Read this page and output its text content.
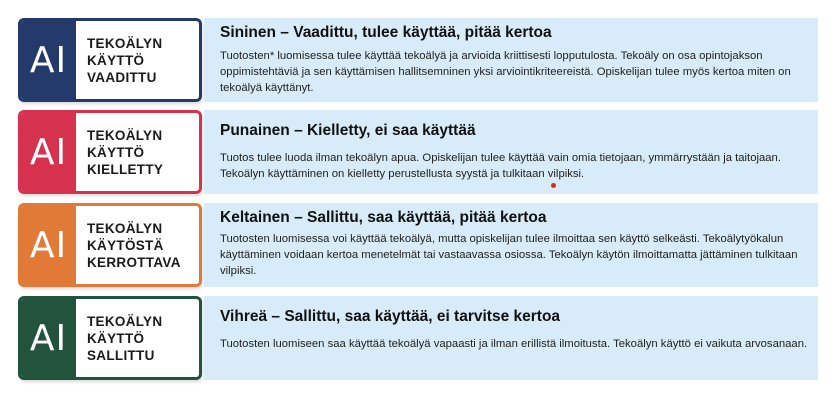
AI	TEKOÄLYN
KÄYTTÖ
VAADITTU

Sininen – Vaadittu, tulee käyttää, pitää kertoa

Tuotosten* luomisessa tulee käyttää tekoälyä ja arvioida kriittisesti lopputulosta. Tekoäly on osa opintojakson oppimistehtäviä ja sen käyttämisen hallitsemninen yksi arviointikriteereistä. Opiskelijan tulee myös kertoa miten on tekoälyä käyttänyt.

AI	TEKOÄLYN
KÄYTTÖ
KIELLETTY

Punainen – Kielletty, ei saa käyttää

Tuotos tulee luoda ilman tekoälyn apua. Opiskelijan tulee käyttää vain omia tietojaan, ymmärrystään ja taitojaan. Tekoälyn käyttäminen on kielletty perustellusta syystä ja tulkitaan vilpiksi.

AI	TEKOÄLYN
KÄYTÖSTÄ
KERROTTAVA

Keltainen – Sallittu, saa käyttää, pitää kertoa

Tuotosten luomisessa voi käyttää tekoälyä, mutta opiskelijan tulee ilmoittaa sen käyttö selkeästi. Tekoälytyökalun käyttäminen voidaan kertoa menetelmät tai vastaavassa osiossa. Tekoälyn käytön ilmoittamatta jättäminen tulkitaan vilpiksi.

AI	TEKOÄLYN
KÄYTTÖ
SALLITTU

Vihreä – Sallittu, saa käyttää, ei tarvitse kertoa

Tuotosten luomiseen saa käyttää tekoälyä vapaasti ja ilman erillistä ilmoitusta. Tekoälyn käyttö ei vaikuta arvosanaan.
